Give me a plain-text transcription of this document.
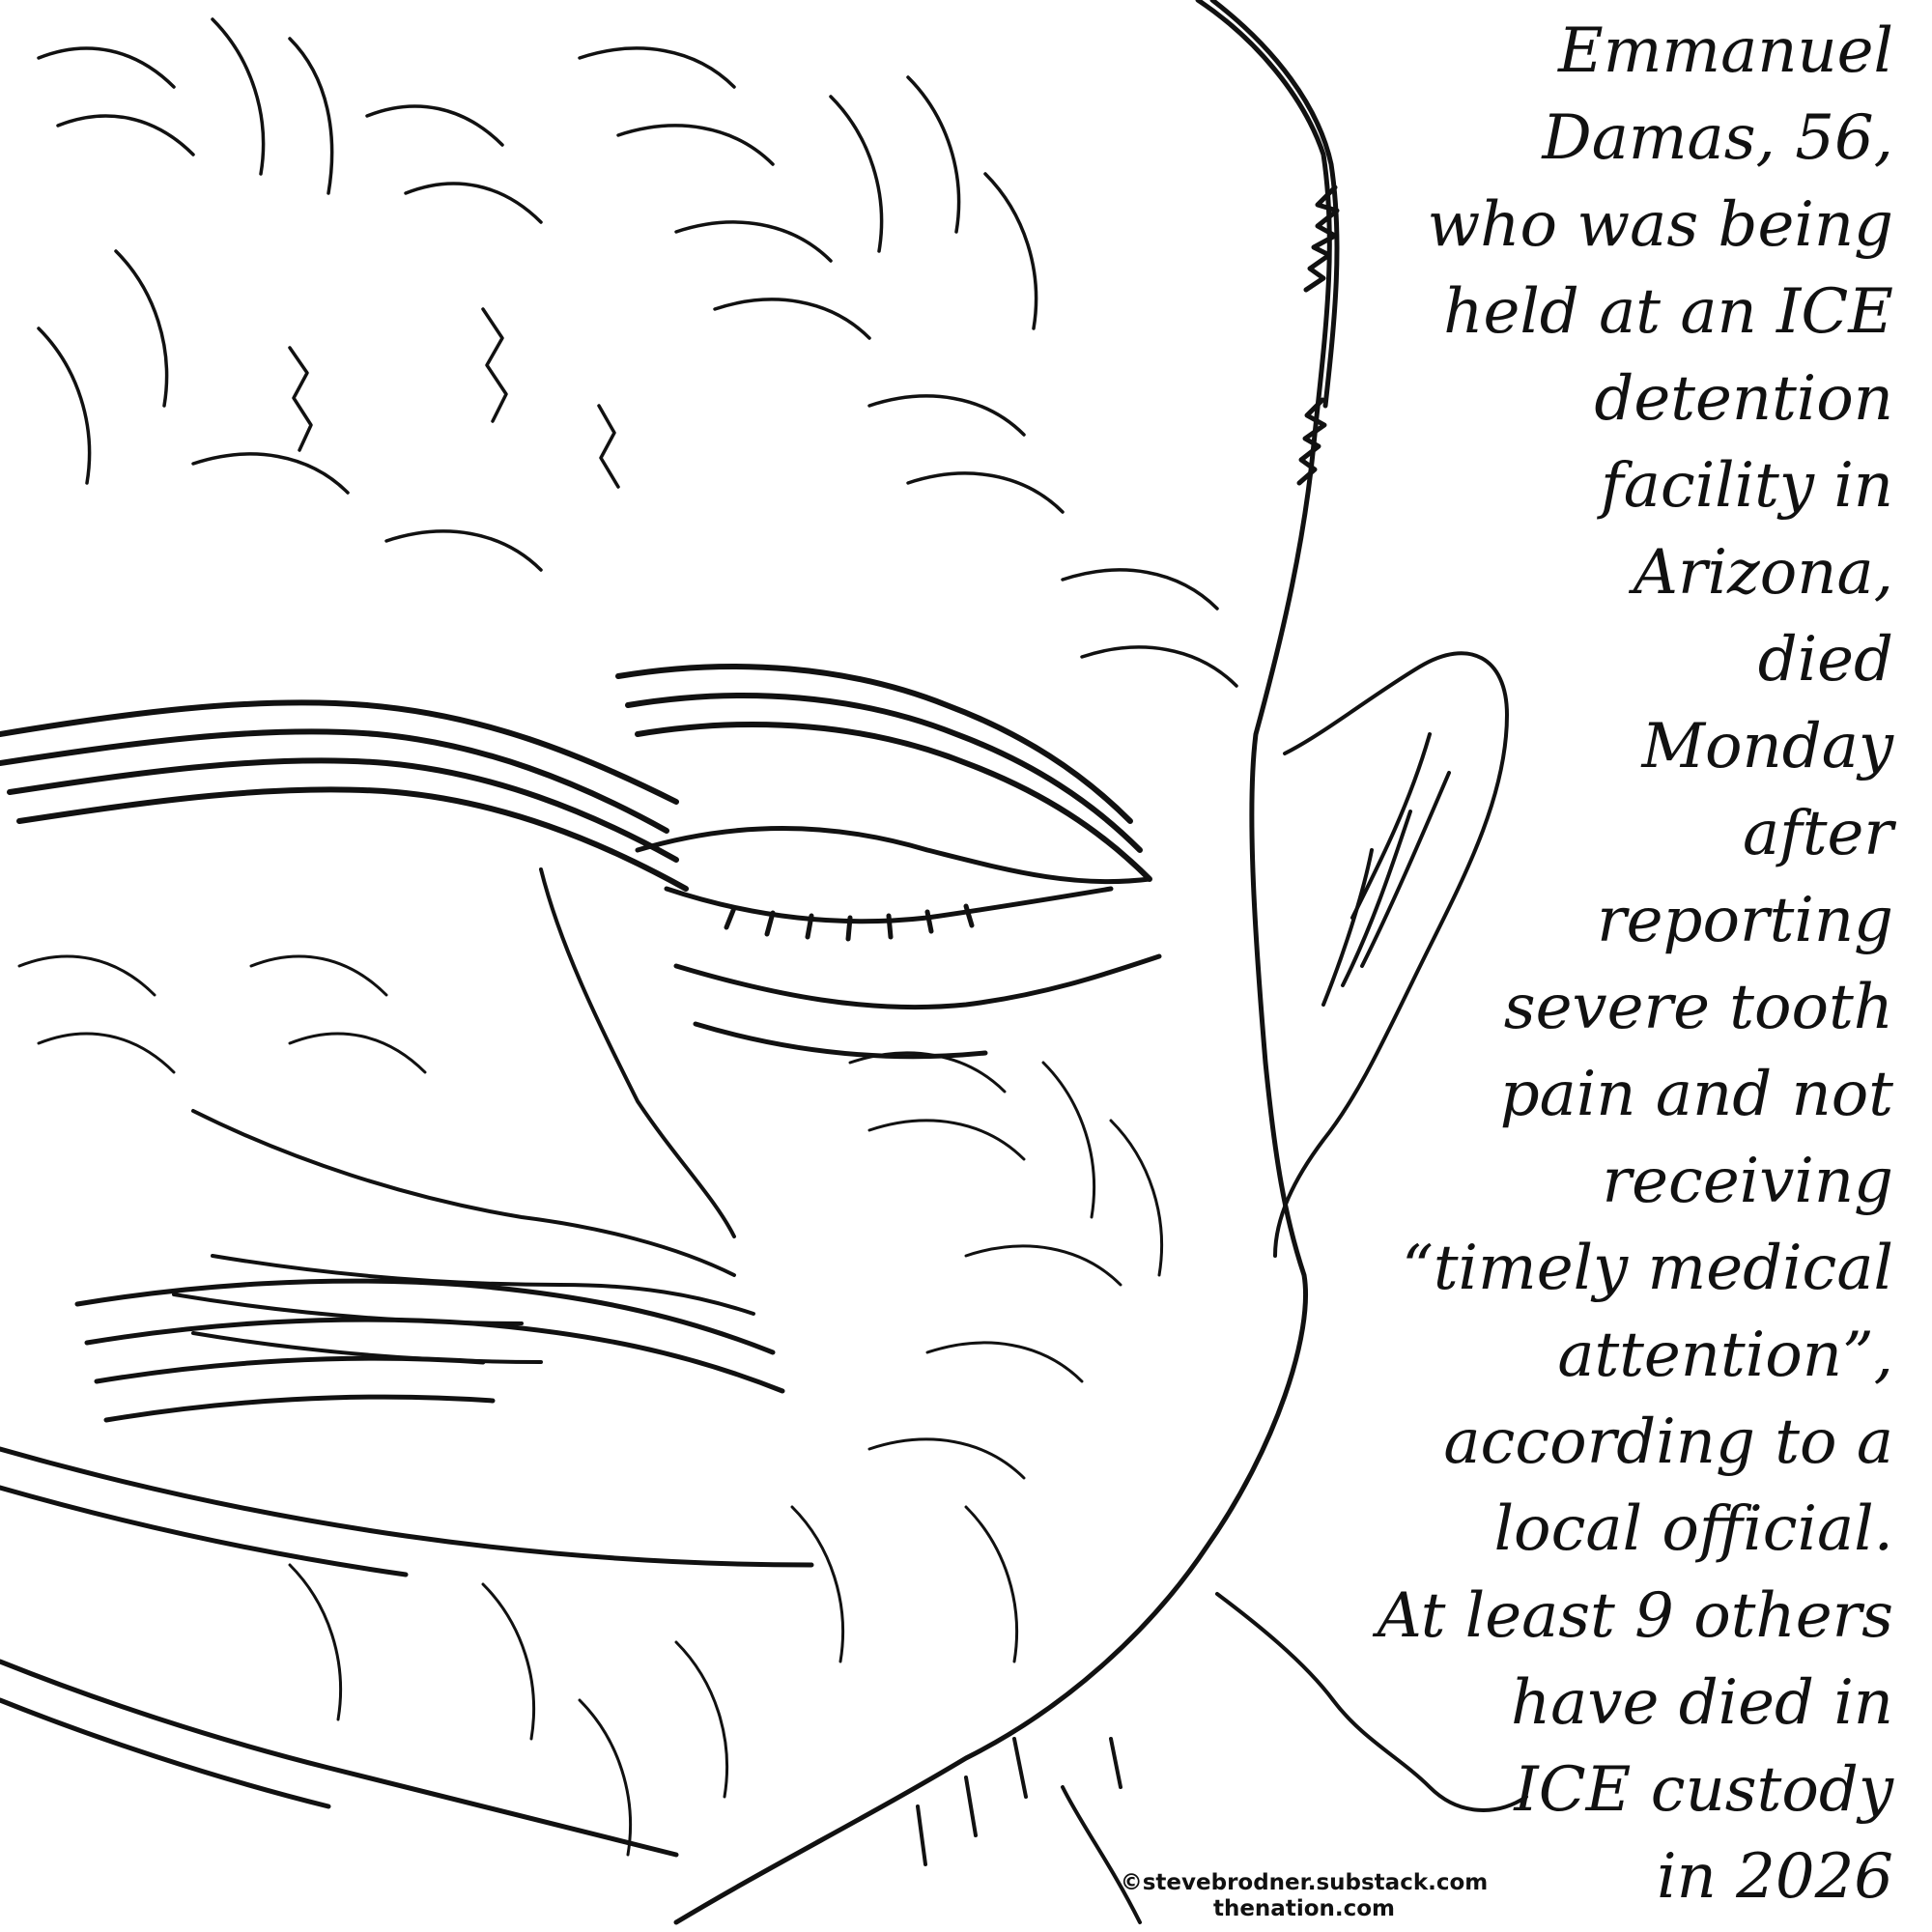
Emmanuel
Damas, 56,
who was being
held at an ICE
detention
facility in
Arizona,
died
Monday
after
reporting
severe tooth
pain and not
receiving
“timely medical
attention”,
according to a
local official.
At least 9 others
have died in
ICE custody
in 2026
©stevebrodner.substack.com
thenation.com
